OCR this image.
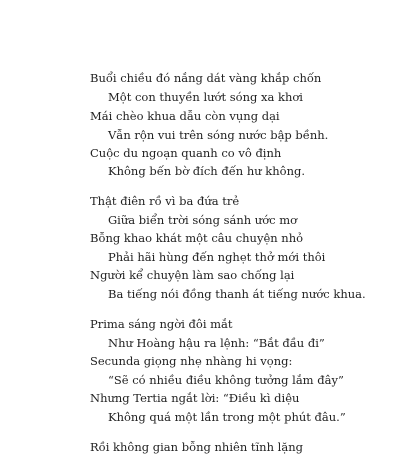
Buổi chiều đó nắng dát vàng khắp chốn
Một con thuyền lướt sóng xa khơi
Mái chèo khua dẫu còn vụng dại
Vẫn rộn vui trên sóng nước bập bềnh.
Cuộc du ngoạn quanh co vô định
Không bến bờ đích đến hư không.
Thật điên rồ vì ba đứa trẻ
Giữa biển trời sóng sánh ước mơ
Bỗng khao khát một câu chuyện nhỏ
Phải hãi hùng đến nghẹt thở mới thôi
Người kể chuyện làm sao chống lại
Ba tiếng nói đồng thanh át tiếng nước khua.
Prima sáng ngời đôi mắt
Như Hoàng hậu ra lệnh: “Bắt đầu đi”
Secunda giọng nhẹ nhàng hi vọng:
“Sẽ có nhiều điều không tưởng lắm đây”
Nhưng Tertia ngắt lời: “Điều kì diệu
Không quá một lần trong một phút đâu.”
Rồi không gian bỗng nhiên tĩnh lặng
